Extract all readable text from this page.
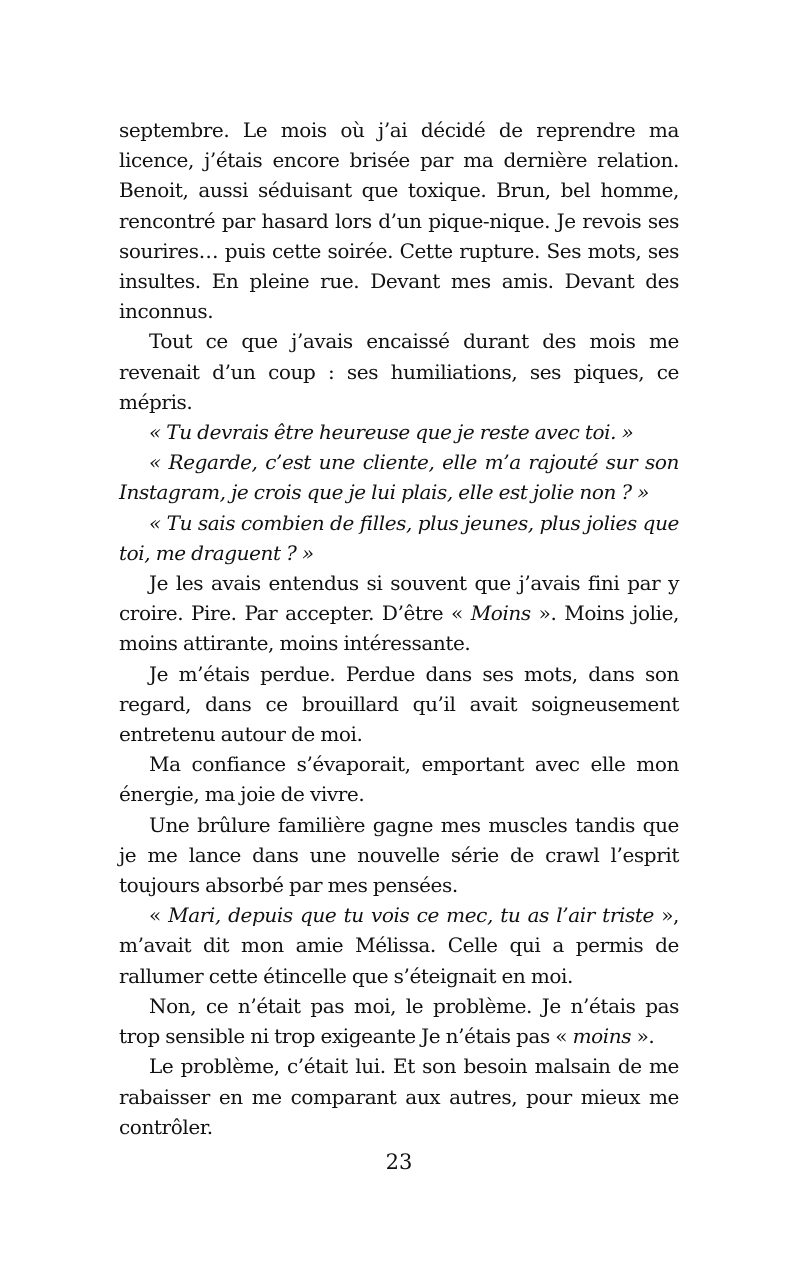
septembre. Le mois où j’ai décidé de reprendre ma licence, j’étais encore brisée par ma dernière relation. Benoit, aussi séduisant que toxique. Brun, bel homme, rencontré par hasard lors d’un pique-nique. Je revois ses sourires… puis cette soirée. Cette rupture. Ses mots, ses insultes. En pleine rue. Devant mes amis. Devant des inconnus.

Tout ce que j’avais encaissé durant des mois me revenait d’un coup : ses humiliations, ses piques, ce mépris.

« Tu devrais être heureuse que je reste avec toi. »

« Regarde, c’est une cliente, elle m’a rajouté sur son Instagram, je crois que je lui plais, elle est jolie non ? »

« Tu sais combien de filles, plus jeunes, plus jolies que toi, me draguent ? »

Je les avais entendus si souvent que j’avais fini par y croire. Pire. Par accepter. D’être « Moins ». Moins jolie, moins attirante, moins intéressante.

Je m’étais perdue. Perdue dans ses mots, dans son regard, dans ce brouillard qu’il avait soigneusement entretenu autour de moi.

Ma confiance s’évaporait, emportant avec elle mon énergie, ma joie de vivre.

Une brûlure familière gagne mes muscles tandis que je me lance dans une nouvelle série de crawl l’esprit toujours absorbé par mes pensées.

« Mari, depuis que tu vois ce mec, tu as l’air triste », m’avait dit mon amie Mélissa. Celle qui a permis de rallumer cette étincelle que s’éteignait en moi.

Non, ce n’était pas moi, le problème. Je n’étais pas trop sensible ni trop exigeante Je n’étais pas « moins ».

Le problème, c’était lui. Et son besoin malsain de me rabaisser en me comparant aux autres, pour mieux me contrôler.

23
